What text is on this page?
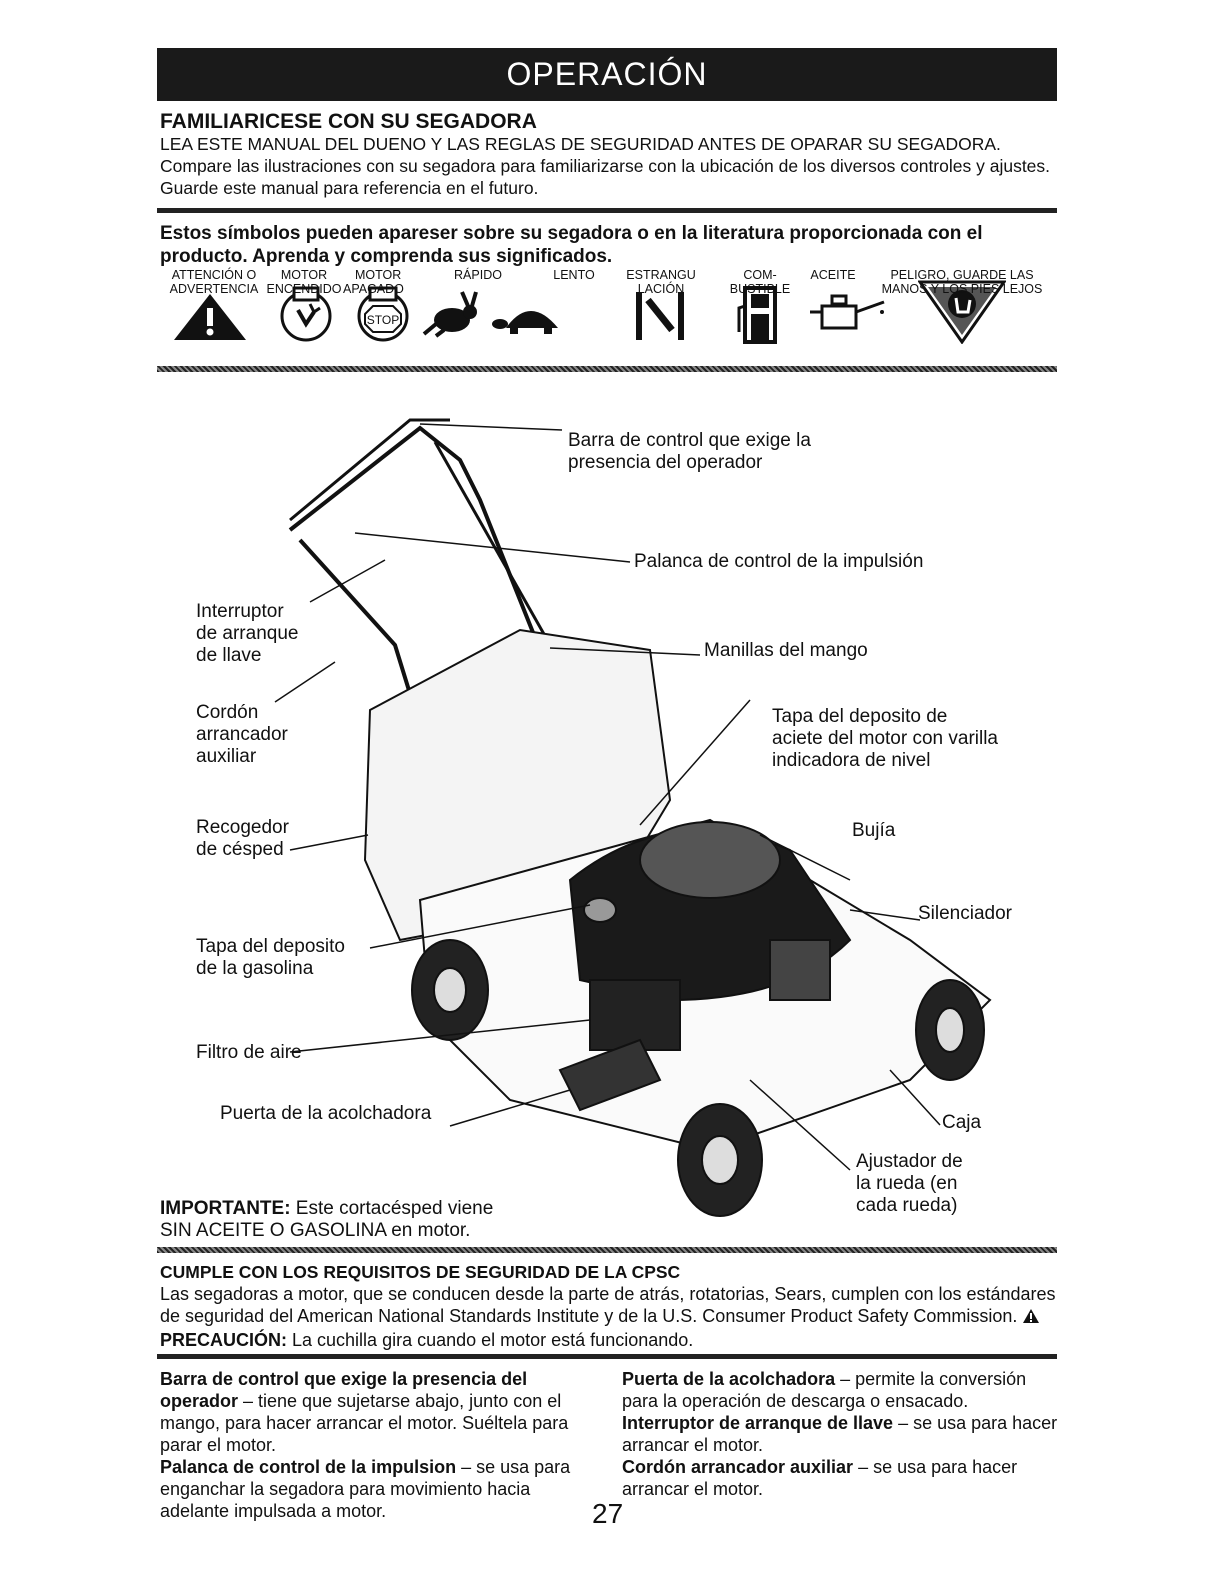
OPERACIÓN
FAMILIARICESE CON SU SEGADORA
LEA ESTE MANUAL DEL DUENO Y LAS REGLAS DE SEGURIDAD ANTES DE OPARAR SU SEGADORA. Compare las ilustraciones con su segadora para familiarizarse con la ubicación de los diversos controles y ajustes. Guarde este manual para referencia en el futuro.
Estos símbolos pueden apareser sobre su segadora o en la literatura proporcionada con el producto. Aprenda y comprenda sus significados.
STOP
ATTENCIÓN O
ADVERTENCIA
MOTOR
ENCENDIDO
MOTOR
APAGADO
RÁPIDO	LENTO	ESTRANGU
LACIÓN
COM-
BUSTIBLE
ACEITE	PELIGRO, GUARDE LAS
MANOS Y LOS PIES LEJOS
Barra de control que exige la
presencia del operador
Palanca de control de la impulsión
Interruptor
de arranque
de llave	Manillas del mango
Cordón
arrancador
auxiliar
Tapa del deposito de
aciete del motor con varilla
indicadora de nivel
Recogedor
de césped
Bujía
Silenciador
Tapa del deposito
de la gasolina
Filtro de aire
Puerta de la acolchadora	Caja
Ajustador de
la rueda (en
cada rueda)
IMPORTANTE: Este cortacésped viene
SIN ACEITE O GASOLINA en motor.
CUMPLE CON LOS REQUISITOS DE SEGURIDAD DE LA CPSC
Las segadoras a motor, que se conducen desde la parte de atrás, rotatorias, Sears, cumplen con los estándares de seguridad del American National Standards Institute y de la U.S. Consumer Product Safety Commission. PRECAUCIÓN: La cuchilla gira cuando el motor está funcionando.
Barra de control que exige la presencia del operador – tiene que sujetarse abajo, junto con el mango, para hacer arrancar el motor. Suéltela para parar el motor.
Palanca de control de la impulsion – se usa para enganchar la segadora para movimiento hacia adelante impulsada a motor.
Puerta de la acolchadora – permite la conversión para la operación de descarga o ensacado.
Interruptor de arranque de llave – se usa para hacer arrancar el motor.
Cordón arrancador auxiliar – se usa para hacer arrancar el motor.
27
